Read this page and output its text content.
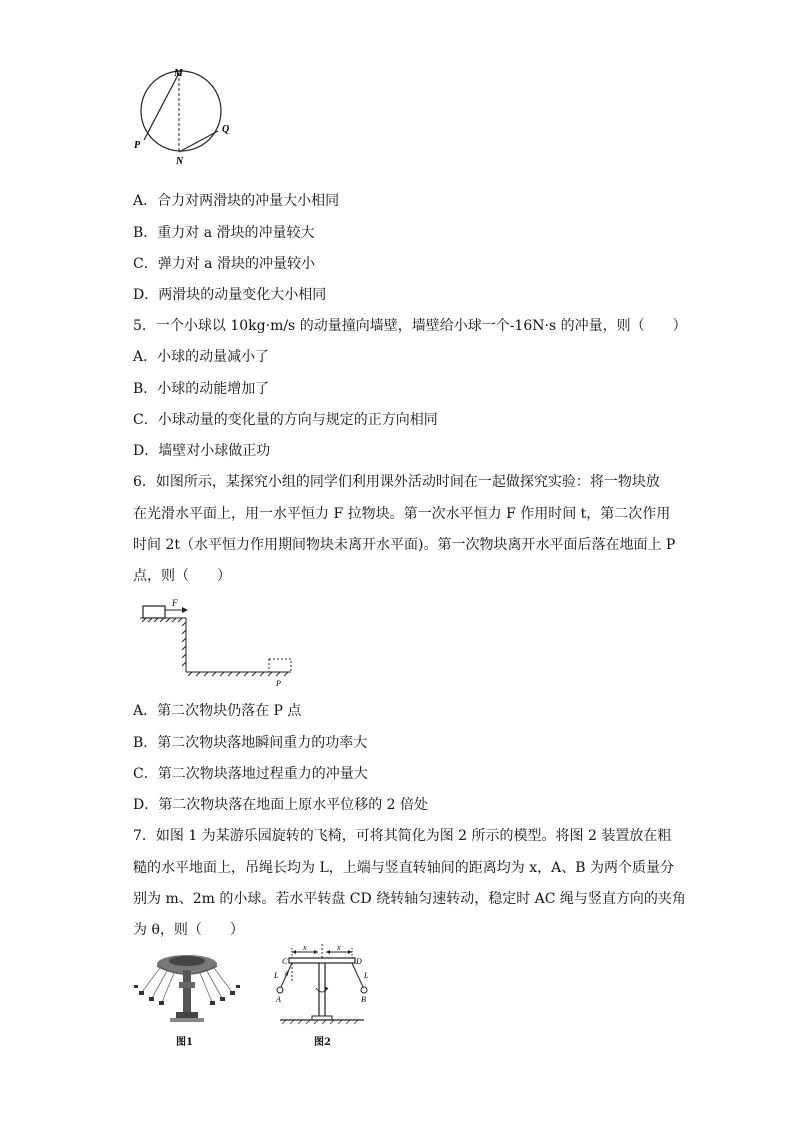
M
P
Q
N
A．合力对两滑块的冲量大小相同
B．重力对 a 滑块的冲量较大
C．弹力对 a 滑块的冲量较小
D．两滑块的动量变化大小相同
5．一个小球以 10kg·m/s 的动量撞向墙壁，墙壁给小球一个-16N·s 的冲量，则（　　）
A．小球的动量减小了
B．小球的动能增加了
C．小球动量的变化量的方向与规定的正方向相同
D．墙壁对小球做正功
6．如图所示，某探究小组的同学们利用课外活动时间在一起做探究实验：将一物块放
在光滑水平面上，用一水平恒力 F 拉物块。第一次水平恒力 F 作用时间 t，第二次作用
时间 2t（水平恒力作用期间物块未离开水平面)。第一次物块离开水平面后落在地面上 P
点，则（　　）
F
P
A．第二次物块仍落在 P 点
B．第二次物块落地瞬间重力的功率大
C．第二次物块落地过程重力的冲量大
D．第二次物块落在地面上原水平位移的 2 倍处
7．如图 1 为某游乐园旋转的飞椅，可将其简化为图 2 所示的模型。将图 2 装置放在粗
糙的水平地面上，吊绳长均为 L，上端与竖直转轴间的距离均为 x，A、B 为两个质量分
别为 m、2m 的小球。若水平转盘 CD 绕转轴匀速转动，稳定时 AC 绳与竖直方向的夹角
为 θ，则（　　）
图1
x	x
C	D
L	L
θ
A	B
图2
